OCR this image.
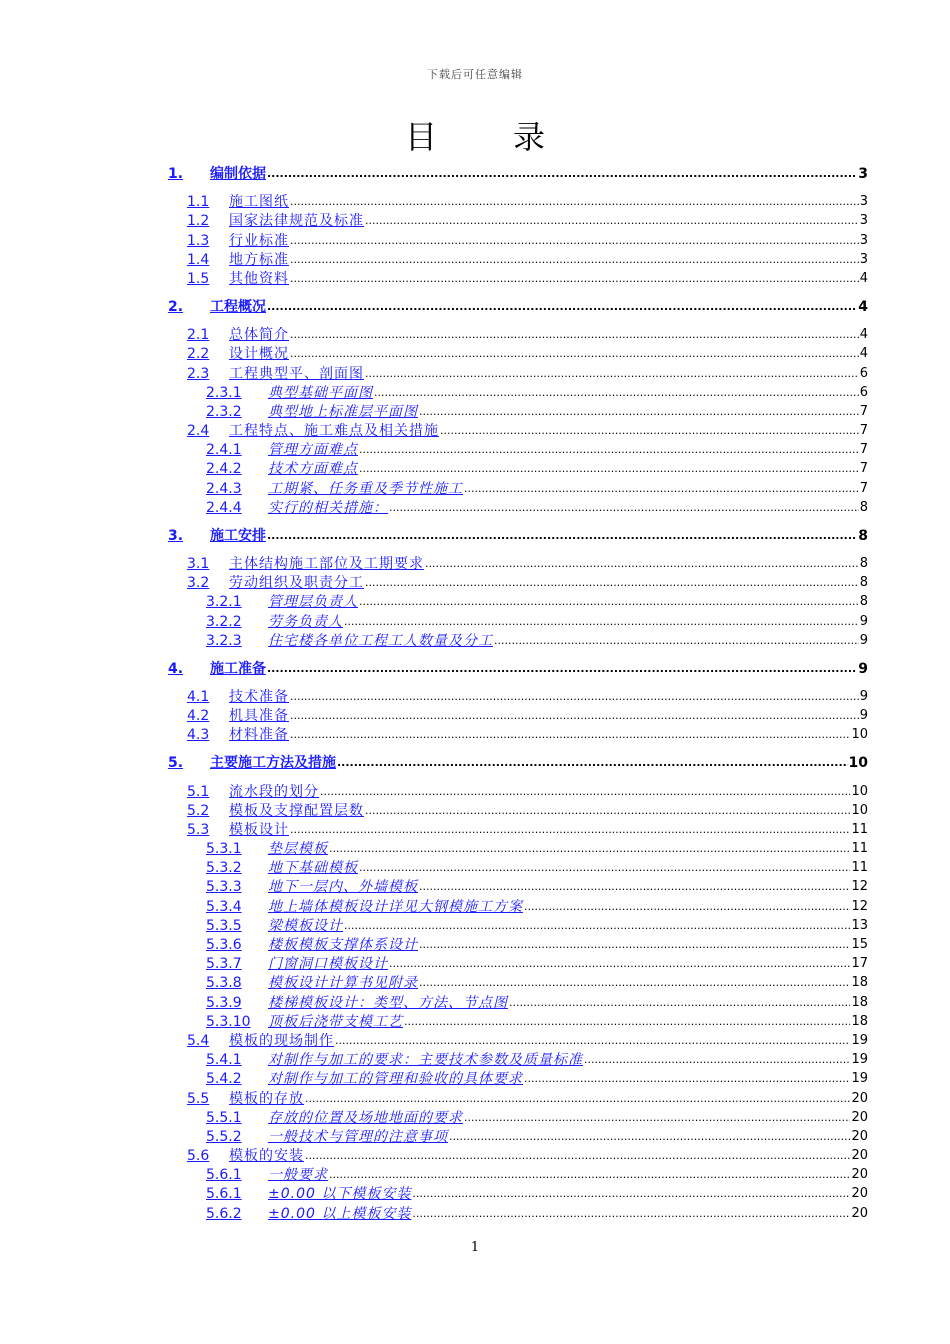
下载后可任意编辑
目 录
1.	编制依据 .....	3
1.1	施工图纸 .....	3
1.2	国家法律规范及标准 .....	3
1.3	行业标准 .....	3
1.4	地方标准 .....	3
1.5	其他资料 .....	4
2.	工程概况 .....	4
2.1	总体简介 .....	4
2.2	设计概况 .....	4
2.3	工程典型平、剖面图 .....	6
2.3.1	典型基础平面图 .....	6
2.3.2	典型地上标准层平面图 .....	7
2.4	工程特点、施工难点及相关措施 .....	7
2.4.1	管理方面难点 .....	7
2.4.2	技术方面难点 .....	7
2.4.3	工期紧、任务重及季节性施工 .....	7
2.4.4	实行的相关措施： .....	8
3.	施工安排 .....	8
3.1	主体结构施工部位及工期要求 .....	8
3.2	劳动组织及职责分工 .....	8
3.2.1	管理层负责人 .....	8
3.2.2	劳务负责人 .....	9
3.2.3	住宅楼各单位工程工人数量及分工 .....	9
4.	施工准备 .....	9
4.1	技术准备 .....	9
4.2	机具准备 .....	9
4.3	材料准备 .....	10
5.	主要施工方法及措施 .....	10
5.1	流水段的划分 .....	10
5.2	模板及支撑配置层数 .....	10
5.3	模板设计 .....	11
5.3.1	垫层模板 .....	11
5.3.2	地下基础模板 .....	11
5.3.3	地下一层内、外墙模板 .....	12
5.3.4	地上墙体模板设计详见大钢模施工方案 .....	12
5.3.5	梁模板设计 .....	13
5.3.6	楼板模板支撑体系设计 .....	15
5.3.7	门窗洞口模板设计 .....	17
5.3.8	模板设计计算书见附录 .....	18
5.3.9	楼梯模板设计：类型、方法、节点图 .....	18
5.3.10	顶板后浇带支模工艺 .....	18
5.4	模板的现场制作 .....	19
5.4.1	对制作与加工的要求：主要技术参数及质量标准 .....	19
5.4.2	对制作与加工的管理和验收的具体要求 .....	19
5.5	模板的存放 .....	20
5.5.1	存放的位置及场地地面的要求 .....	20
5.5.2	一般技术与管理的注意事项 .....	20
5.6	模板的安装 .....	20
5.6.1	一般要求 .....	20
5.6.1	±0.00 以下模板安装 .....	20
5.6.2	±0.00 以上模板安装 .....	20
1
